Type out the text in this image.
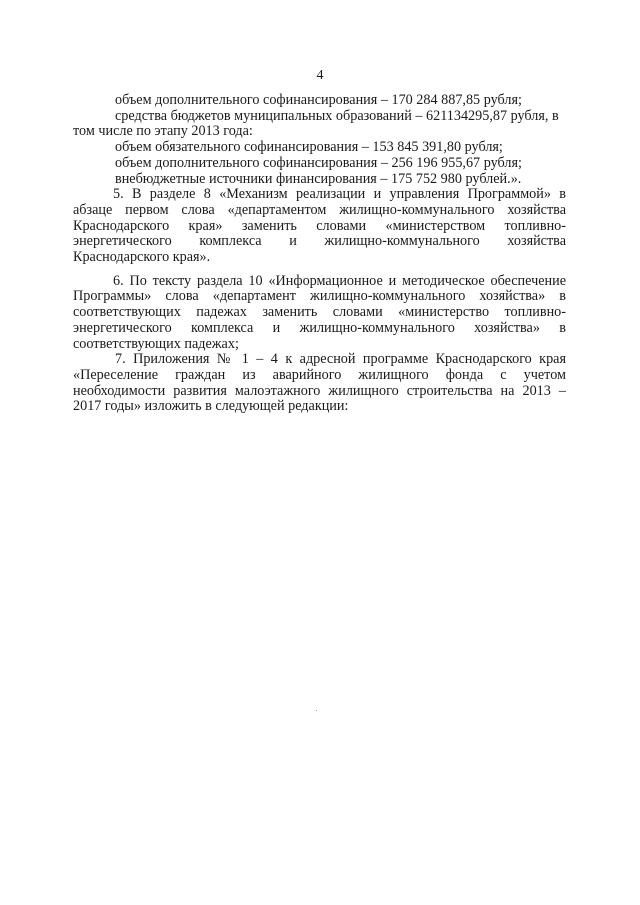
4
объем дополнительного софинансирования – 170 284 887,85 рубля;
средства бюджетов муниципальных образований – 621134295,87 рубля, в
том числе по этапу 2013 года:
объем обязательного софинансирования – 153 845 391,80 рубля;
объем дополнительного софинансирования – 256 196 955,67 рубля;
внебюджетные источники финансирования – 175 752 980 рублей.».
5. В разделе 8 «Механизм реализации и управления Программой» в
абзаце первом слова «департаментом жилищно-коммунального хозяйства
Краснодарского края» заменить словами «министерством топливно-
энергетического комплекса и жилищно-коммунального хозяйства
Краснодарского края».
6. По тексту раздела 10 «Информационное и методическое обеспечение
Программы» слова «департамент жилищно-коммунального хозяйства» в
соответствующих падежах заменить словами «министерство топливно-
энергетического комплекса и жилищно-коммунального хозяйства» в
соответствующих падежах;
7. Приложения № 1 – 4 к адресной программе Краснодарского края
«Переселение граждан из аварийного жилищного фонда с учетом
необходимости развития малоэтажного жилищного строительства на 2013 –
2017 годы» изложить в следующей редакции:
